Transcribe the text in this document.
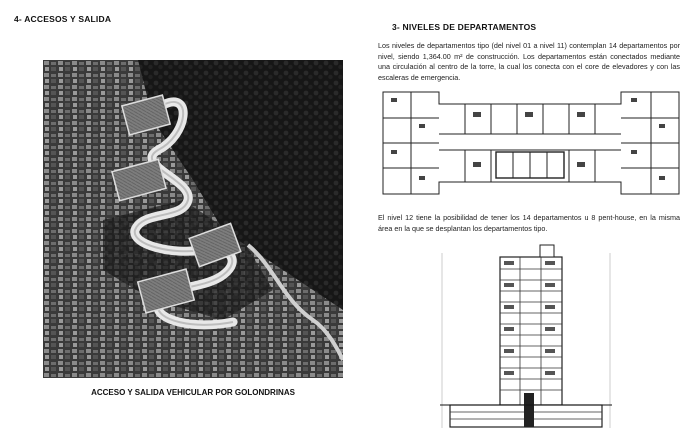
4- ACCESOS Y SALIDA
ACCESO Y SALIDA VEHICULAR POR GOLONDRINAS
3- NIVELES DE DEPARTAMENTOS
Los niveles de departamentos tipo (del nivel 01 a nivel 11) contemplan 14 departamentos por nivel, siendo 1,364.00 m² de construcción. Los departamentos están conectados mediante una circulación al centro de la torre, la cual los conecta con el core de elevadores y con las escaleras de emergencia.
El nivel 12 tiene la posibilidad de tener los 14 departamentos u 8 pent-house, en la misma área en la que se desplantan los departamentos tipo.
